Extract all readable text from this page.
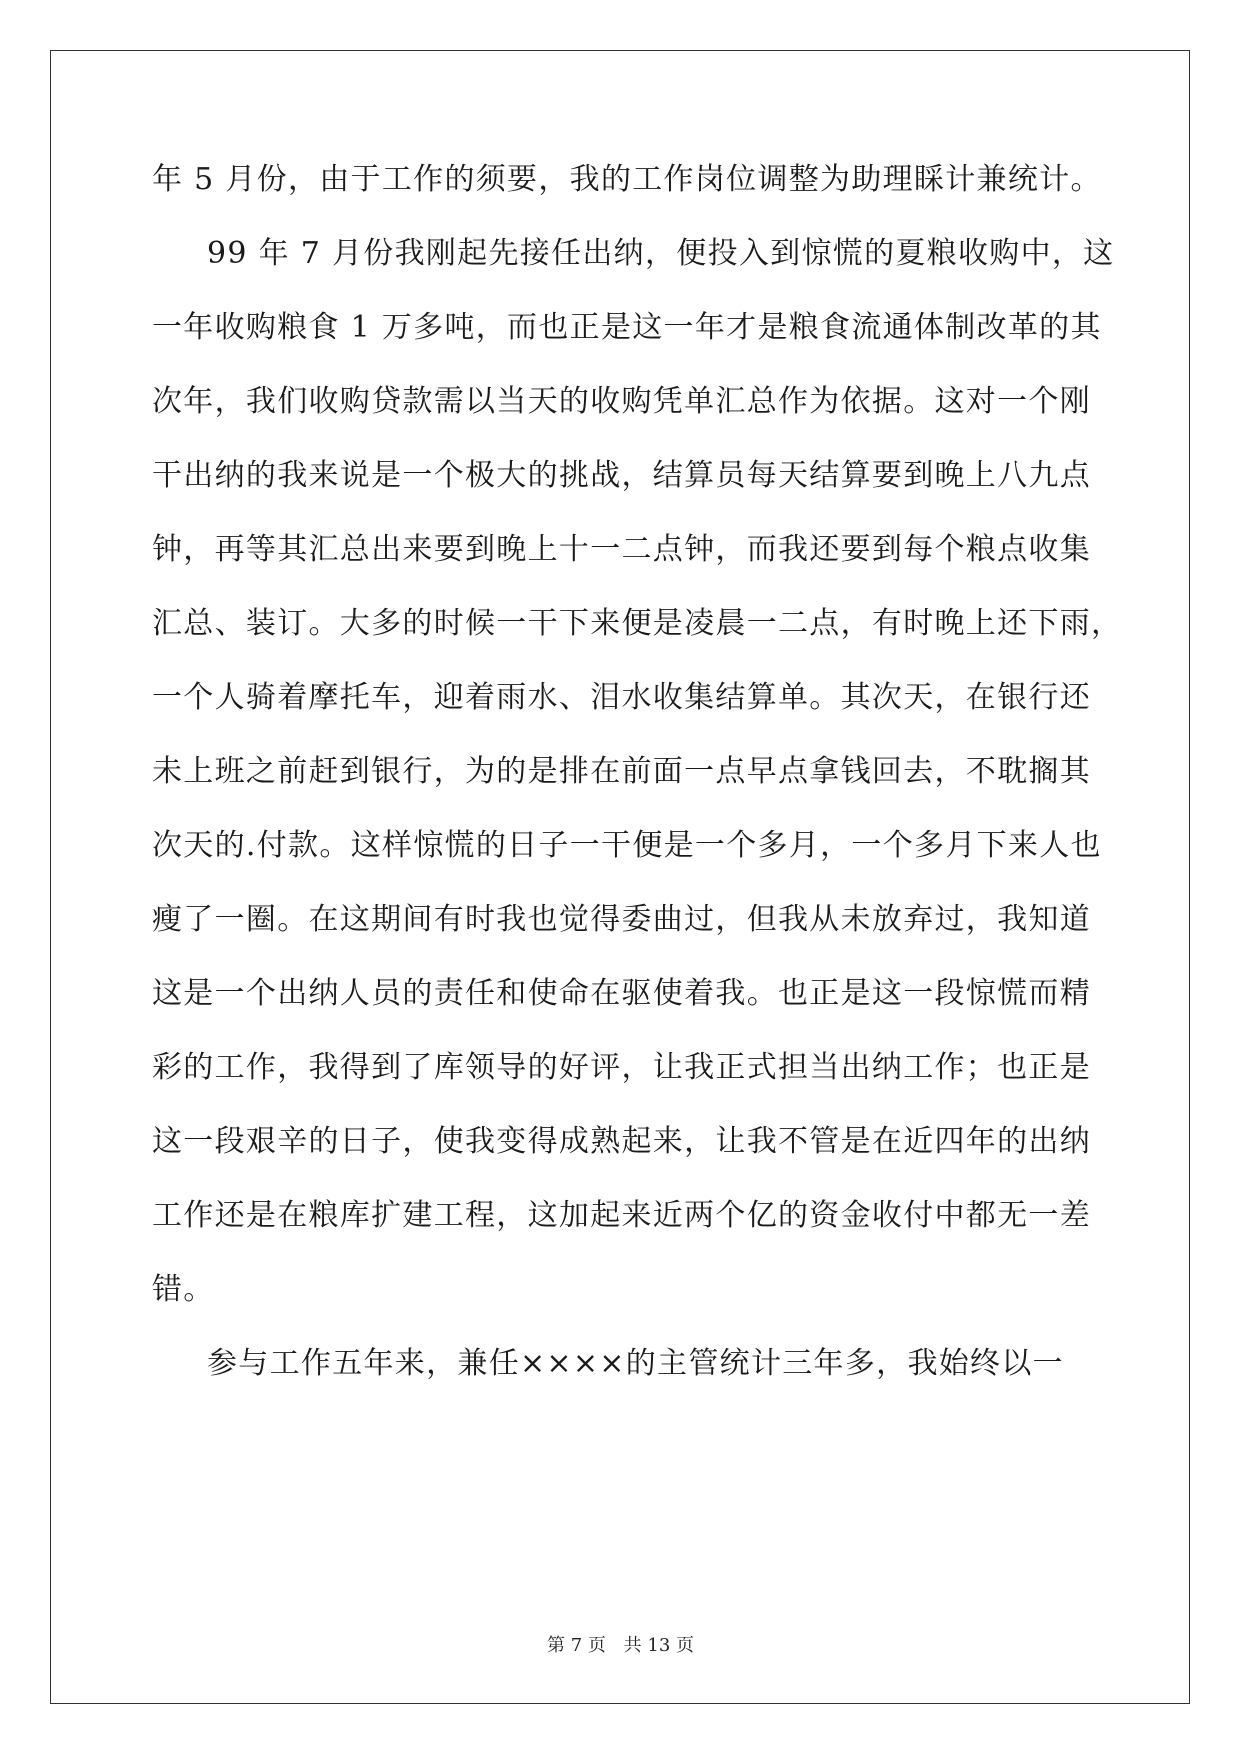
年 5 月份，由于工作的须要，我的工作岗位调整为助理睬计兼统计。
99 年 7 月份我刚起先接任出纳，便投入到惊慌的夏粮收购中，这
一年收购粮食 1 万多吨，而也正是这一年才是粮食流通体制改革的其
次年，我们收购贷款需以当天的收购凭单汇总作为依据。这对一个刚
干出纳的我来说是一个极大的挑战，结算员每天结算要到晚上八九点
钟，再等其汇总出来要到晚上十一二点钟，而我还要到每个粮点收集
汇总、装订。大多的时候一干下来便是凌晨一二点，有时晚上还下雨，
一个人骑着摩托车，迎着雨水、泪水收集结算单。其次天，在银行还
未上班之前赶到银行，为的是排在前面一点早点拿钱回去，不耽搁其
次天的.付款。这样惊慌的日子一干便是一个多月，一个多月下来人也
瘦了一圈。在这期间有时我也觉得委曲过，但我从未放弃过，我知道
这是一个出纳人员的责任和使命在驱使着我。也正是这一段惊慌而精
彩的工作，我得到了库领导的好评，让我正式担当出纳工作；也正是
这一段艰辛的日子，使我变得成熟起来，让我不管是在近四年的出纳
工作还是在粮库扩建工程，这加起来近两个亿的资金收付中都无一差
错。
参与工作五年来，兼任××××的主管统计三年多，我始终以一
第 7 页 共 13 页
